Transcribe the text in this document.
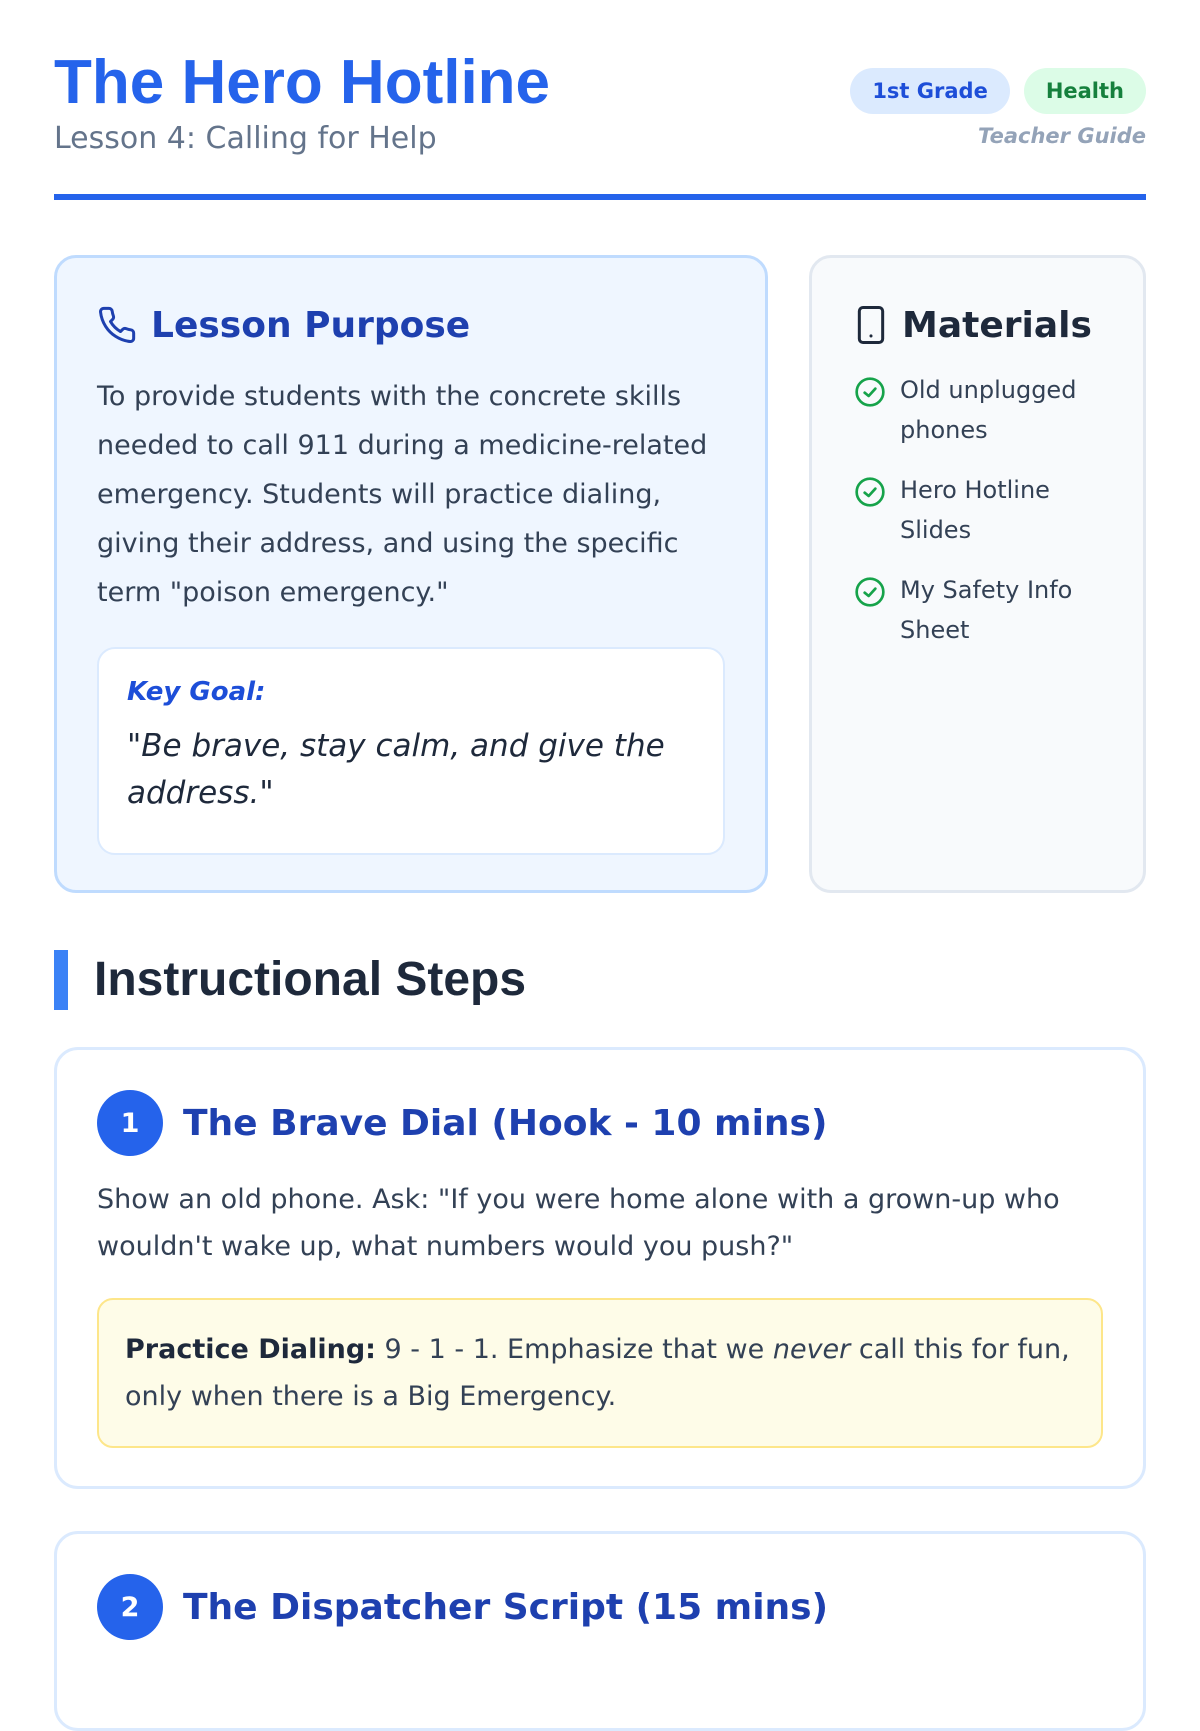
The Hero Hotline
Lesson 4: Calling for Help
1st Grade	Health
Teacher Guide
Lesson Purpose

To provide students with the concrete skills needed to call 911 during a medicine-related emergency. Students will practice dialing, giving their address, and using the specific term "poison emergency."

Key Goal:
"Be brave, stay calm, and give the address."
Materials
Old unplugged phones
Hero Hotline Slides
My Safety Info Sheet
Instructional Steps
1	The Brave Dial (Hook - 10 mins)

Show an old phone. Ask: "If you were home alone with a grown-up who wouldn't wake up, what numbers would you push?"

Practice Dialing: 9 - 1 - 1. Emphasize that we never call this for fun, only when there is a Big Emergency.
2	The Dispatcher Script (15 mins)
